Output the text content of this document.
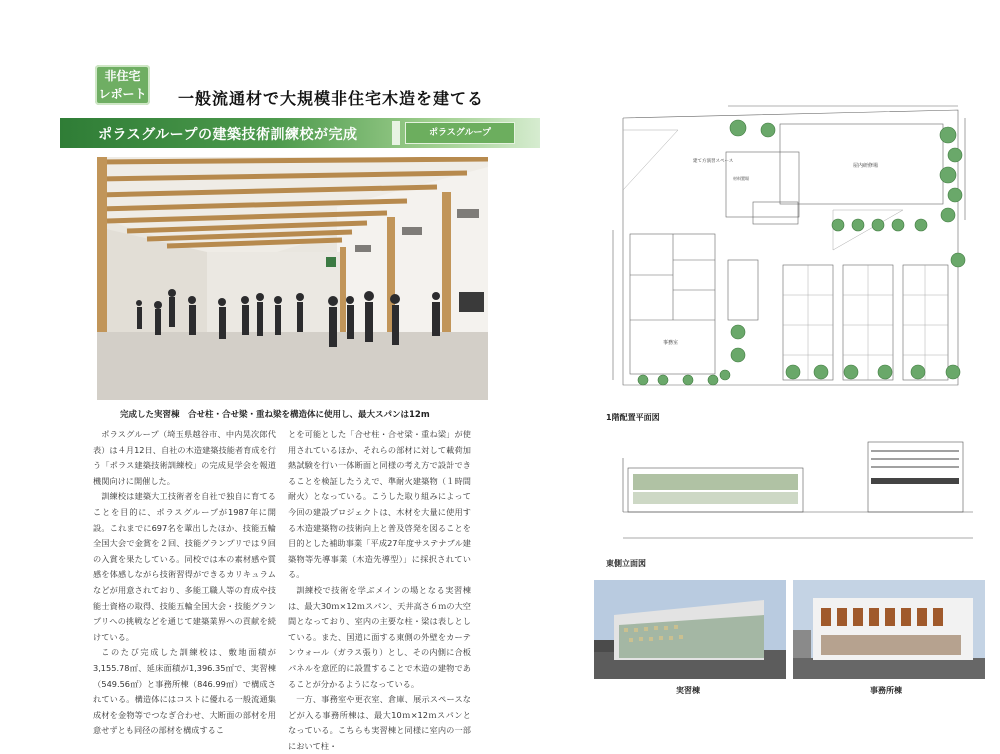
非住宅
レポート 一般流通材で大規模非住宅木造を建てる
ポラスグループの建築技術訓練校が完成	ポラスグループ
完成した実習棟　合せ柱・合せ梁・重ね梁を構造体に使用し、最大スパンは12m

ポラスグループ（埼玉県越谷市、中内晃次郎代表）は４月12日、自社の木造建築技能者育成を行う「ポラス建築技術訓練校」の完成見学会を報道機関向けに開催した。

訓練校は建築大工技術者を自社で独自に育てることを目的に、ポラスグループが1987年に開設。これまでに697名を輩出したほか、技能五輪全国大会で金賞を２回、技能グランプリでは９回の入賞を果たしている。同校では本の素材感や質感を体感しながら技術習得ができるカリキュラムなどが用意されており、多能工職人等の育成や技能士資格の取得、技能五輪全国大会・技能グランプリへの挑戦などを通じて建築業界への貢献を続けている。

このたび完成した訓練校は、敷地面積が3,155.78㎡、延床面積が1,396.35㎡で、実習棟（549.56㎡）と事務所棟（846.99㎡）で構成されている。構造体にはコストに優れる一般流通集成材を金物等でつなぎ合わせ、大断面の部材を用意せずとも同径の部材を構成するこ

とを可能とした「合せ柱・合せ梁・重ね梁」が使用されているほか、それらの部材に対して載荷加熱試験を行い一体断面と同様の考え方で設計できることを検証したうえで、準耐火建築物（１時間耐火）となっている。こうした取り組みによって今回の建設プロジェクトは、木材を大量に使用する木造建築物の技術向上と普及啓発を図ることを目的とした補助事業「平成27年度サステナブル建築物等先導事業（木造先導型）」に採択されている。

訓練校で技術を学ぶメインの場となる実習棟は、最大30ｍ×12ｍスパン、天井高さ６ｍの大空間となっており、室内の主要な柱・梁は表しとしている。また、国道に面する東側の外壁をカーテンウォール（ガラス張り）とし、その内側に合板パネルを意匠的に設置することで木造の建物であることが分かるようになっている。

一方、事務室や更衣室、倉庫、展示スペースなどが入る事務所棟は、最大10ｍ×12ｍスパンとなっている。こちらも実習棟と同様に室内の一部において柱・

建て方演習スペース
屋内研修場
事務室
材料置場
1階配置平面図
東側立面図
実習棟	事務所棟
